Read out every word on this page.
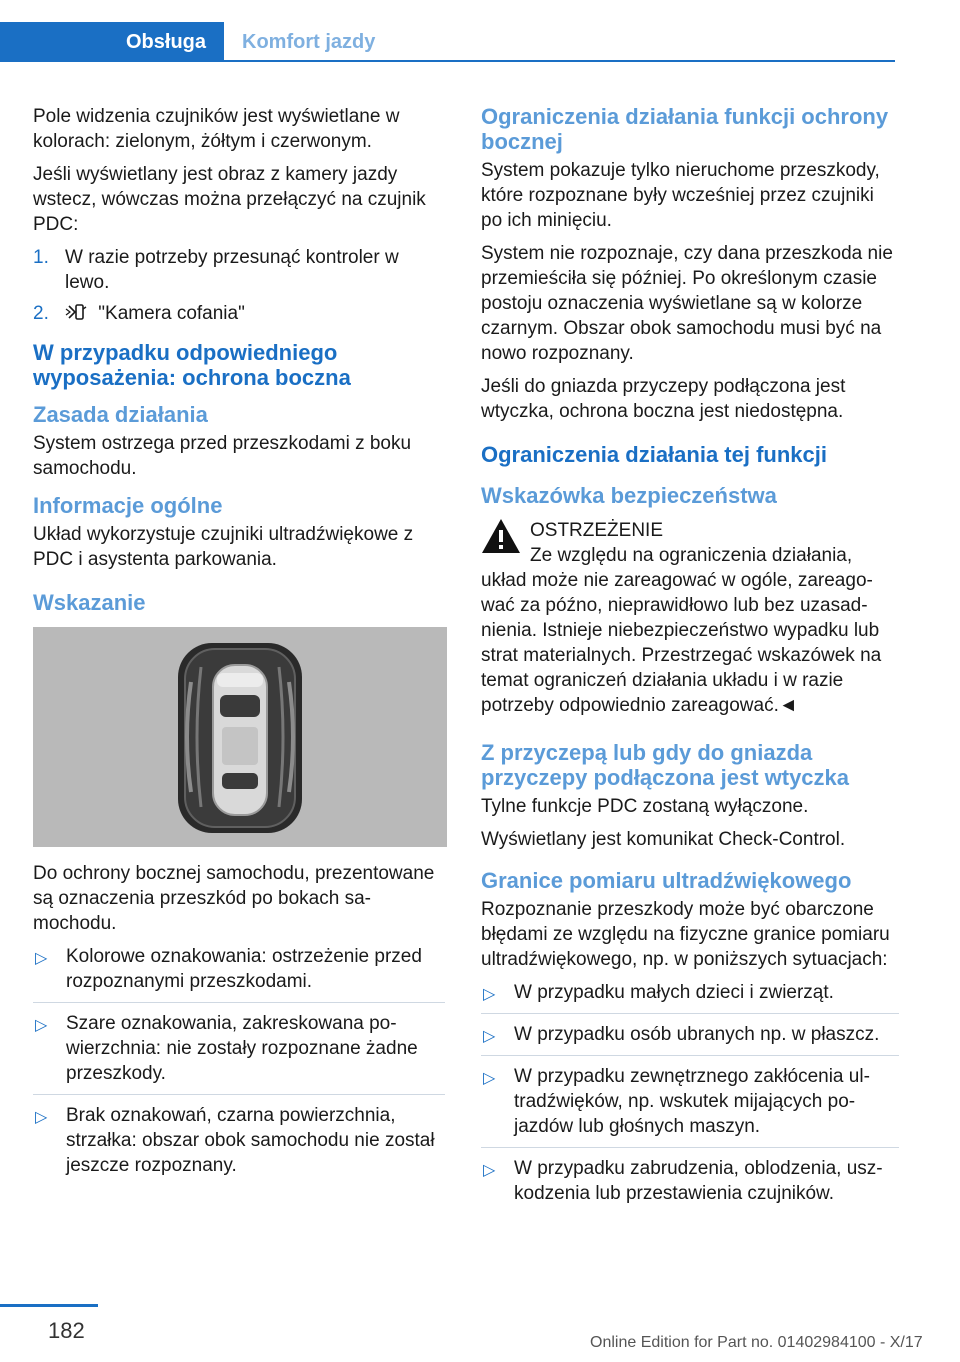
Obsługa	Komfort jazdy

Pole widzenia czujników jest wyświetlane w kolorach: zielonym, żółtym i czerwonym.

Jeśli wyświetlany jest obraz z kamery jazdy wstecz, wówczas można przełączyć na czujnik PDC:

1. W razie potrzeby przesunąć kontroler w lewo.
2.	"Kamera cofania"
W przypadku odpowiedniego wyposażenia: ochrona boczna
Zasada działania

System ostrzega przed przeszkodami z boku samochodu.

Informacje ogólne

Układ wykorzystuje czujniki ultradźwiękowe z PDC i asystenta parkowania.

Wskazanie

Do ochrony bocznej samochodu, prezentowane są oznaczenia przeszkód po bokach samochodu.

▷ Kolorowe oznakowania: ostrzeżenie przed rozpoznanymi przeszkodami.
▷ Szare oznakowania, zakreskowana powierzchnia: nie zostały rozpoznane żadne przeszkody.
▷ Brak oznakowań, czarna powierzchnia, strzałka: obszar obok samochodu nie został jeszcze rozpoznany.
Ograniczenia działania funkcji ochrony bocznej

System pokazuje tylko nieruchome przeszkody, które rozpoznane były wcześniej przez czujniki po ich minięciu.

System nie rozpoznaje, czy dana przeszkoda nie przemieściła się później. Po określonym czasie postoju oznaczenia wyświetlane są w kolorze czarnym. Obszar obok samochodu musi być na nowo rozpoznany.

Jeśli do gniazda przyczepy podłączona jest wtyczka, ochrona boczna jest niedostępna.

Ograniczenia działania tej funkcji
Wskazówka bezpieczeństwa

OSTRZEŻENIE

Ze względu na ograniczenia działania, układ może nie zareagować w ogóle, zareagować za późno, nieprawidłowo lub bez uzasadnienia. Istnieje niebezpieczeństwo wypadku lub strat materialnych. Przestrzegać wskazówek na temat ograniczeń działania układu i w razie potrzeby odpowiednio zareagować.◄

Z przyczepą lub gdy do gniazda przyczepy podłączona jest wtyczka

Tylne funkcje PDC zostaną wyłączone.

Wyświetlany jest komunikat Check-Control.

Granice pomiaru ultradźwiękowego

Rozpoznanie przeszkody może być obarczone błędami ze względu na fizyczne granice pomiaru ultradźwiękowego, np. w poniższych sytuacjach:

▷ W przypadku małych dzieci i zwierząt.
▷ W przypadku osób ubranych np. w płaszcz.
▷ W przypadku zewnętrznego zakłócenia ultradźwięków, np. wskutek mijających pojazdów lub głośnych maszyn.
▷ W przypadku zabrudzenia, oblodzenia, uszkodzenia lub przestawienia czujników.
182	Online Edition for Part no. 01402984100 - X/17
